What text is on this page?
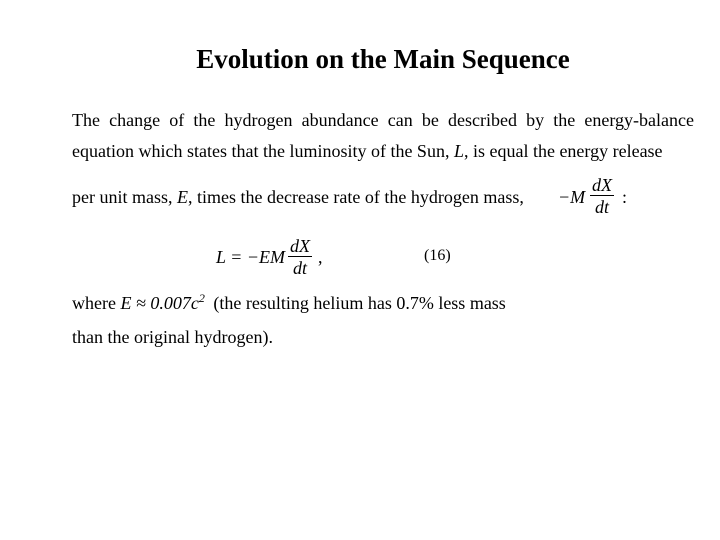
Evolution on the Main Sequence
The change of the hydrogen abundance can be described by the energy-balance
equation which states that the luminosity of the Sun, L, is equal the energy release
per unit mass, E, times the decrease rate of the hydrogen mass, $-M \frac{dX}{dt}$ :
$L = -EM \frac{dX}{dt}$ ,	(16)
where $E \approx 0.007c^2$ (the resulting helium has 0.7% less mass
than the original hydrogen).
